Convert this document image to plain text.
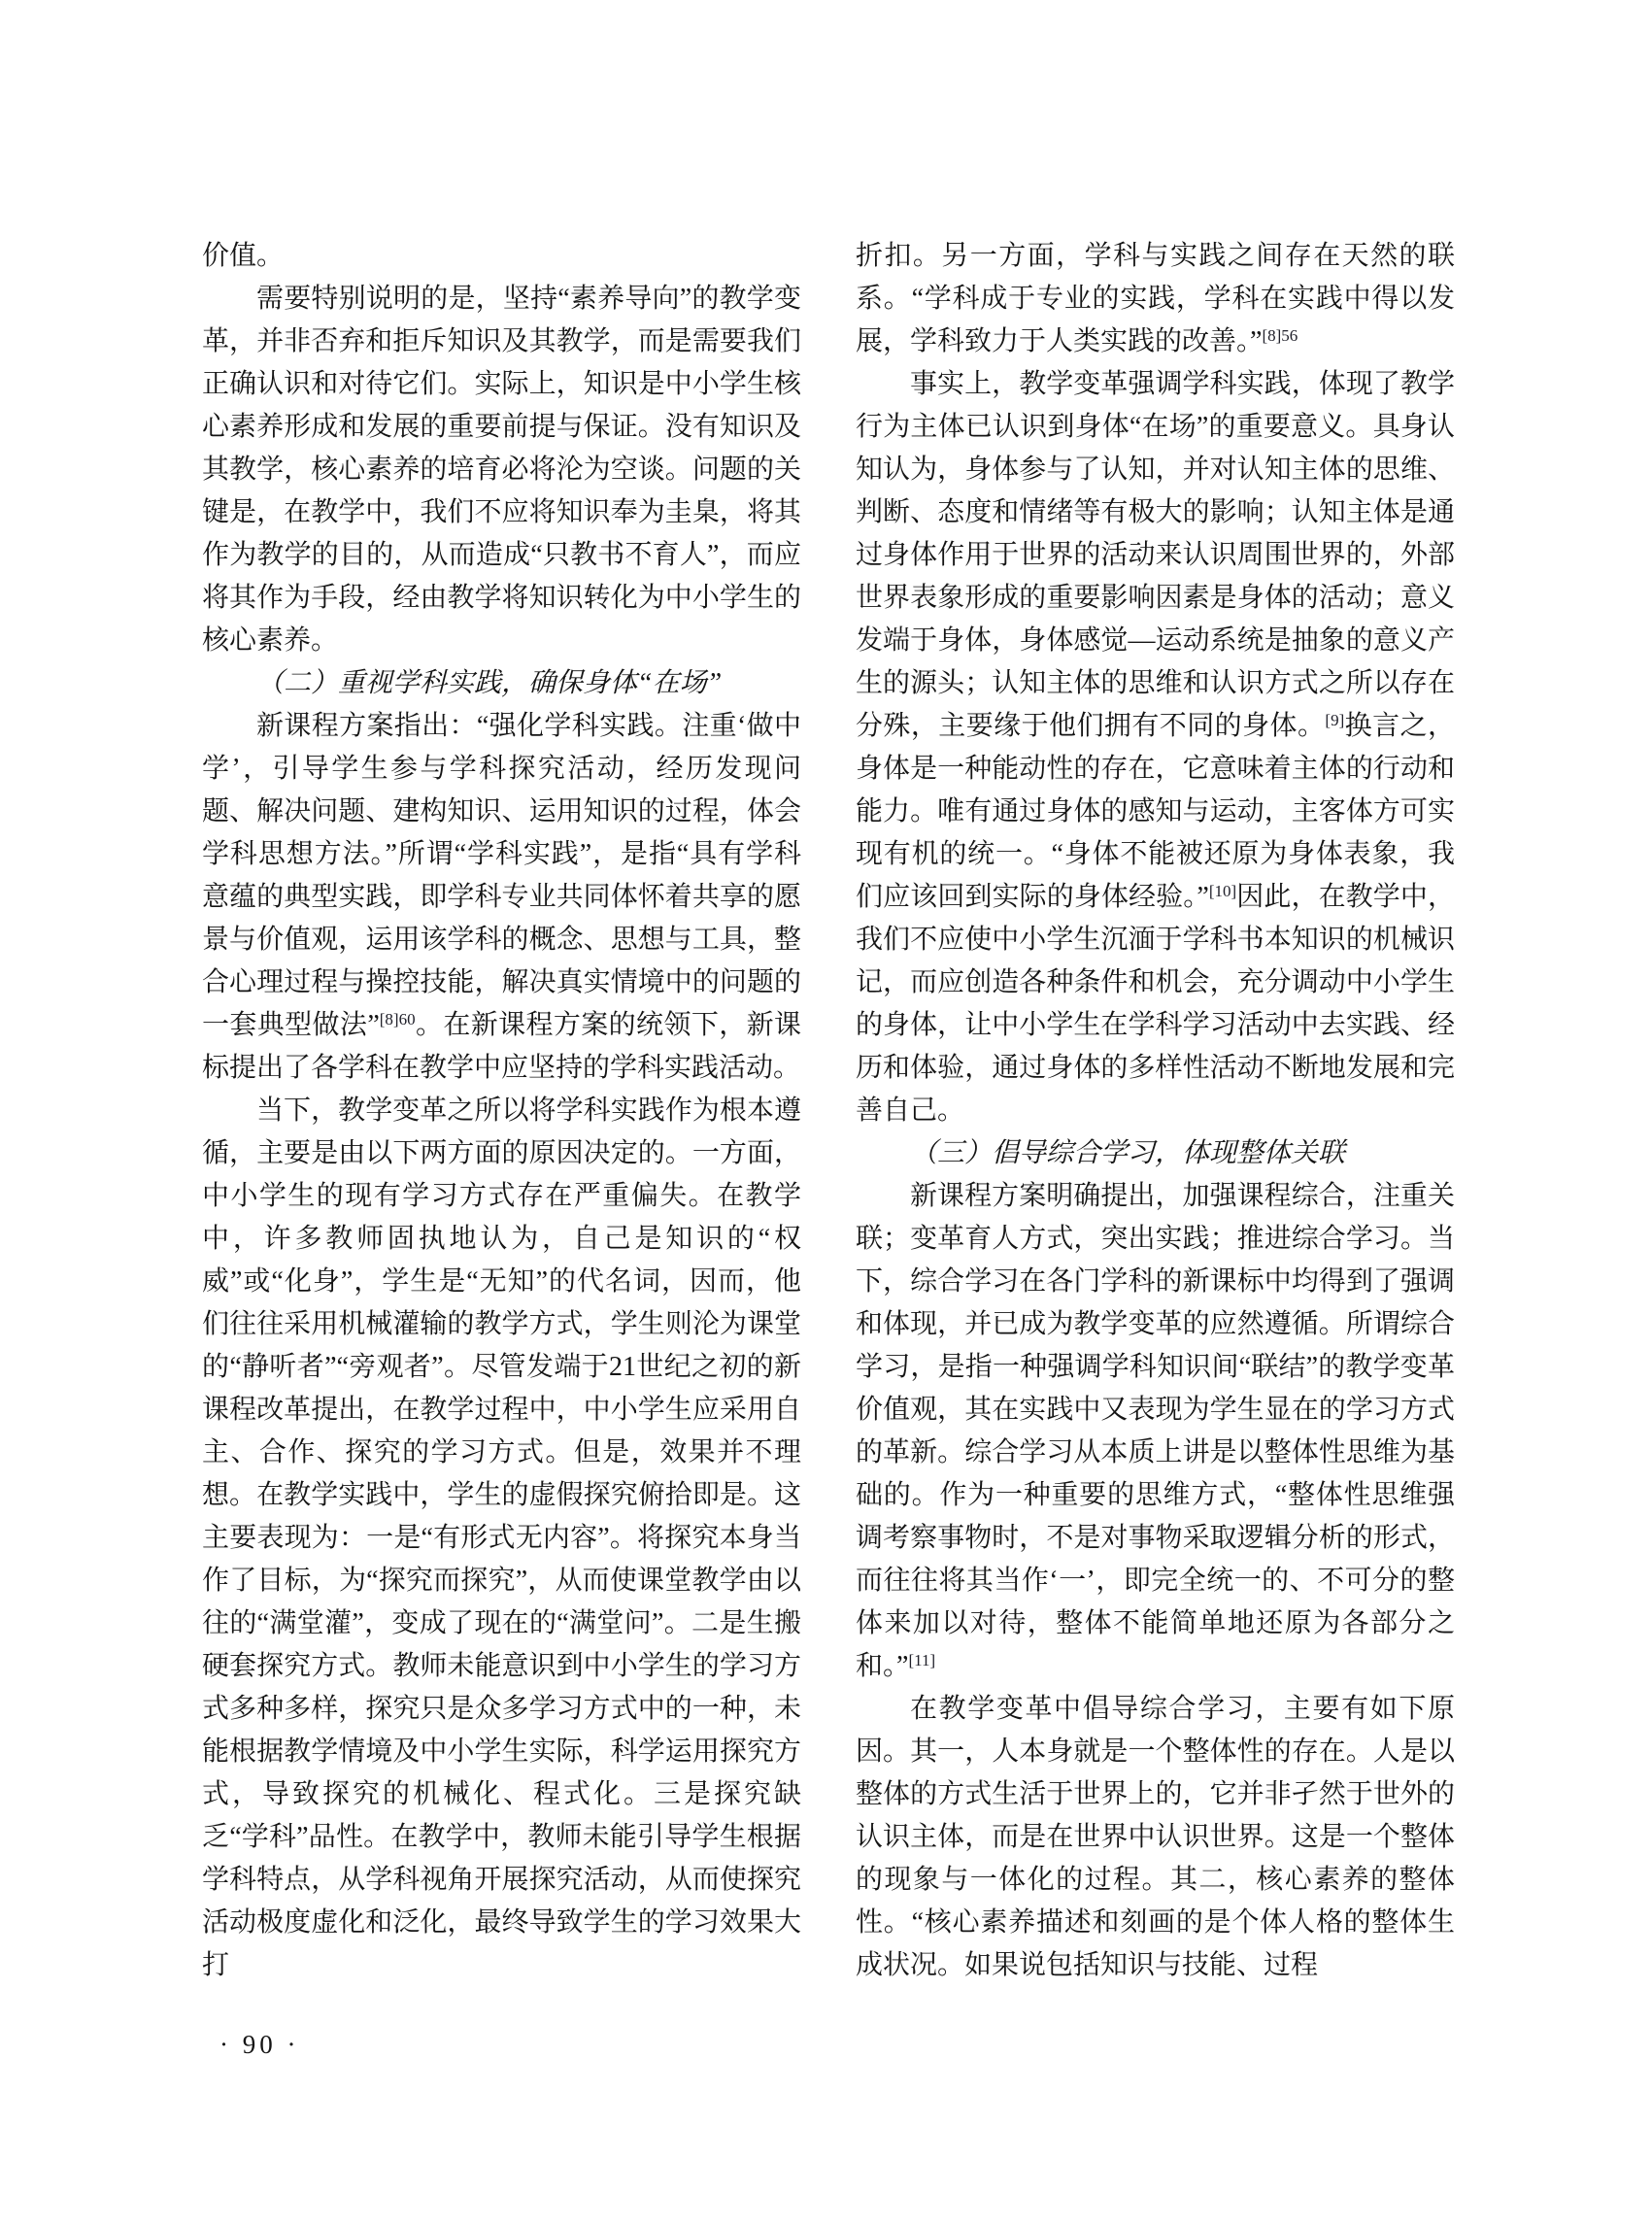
价值。

需要特别说明的是，坚持“素养导向”的教学变革，并非否弃和拒斥知识及其教学，而是需要我们正确认识和对待它们。实际上，知识是中小学生核心素养形成和发展的重要前提与保证。没有知识及其教学，核心素养的培育必将沦为空谈。问题的关键是，在教学中，我们不应将知识奉为圭臬，将其作为教学的目的，从而造成“只教书不育人”，而应将其作为手段，经由教学将知识转化为中小学生的核心素养。

（二）重视学科实践，确保身体“在场”

新课程方案指出：“强化学科实践。注重‘做中学’，引导学生参与学科探究活动，经历发现问题、解决问题、建构知识、运用知识的过程，体会学科思想方法。”所谓“学科实践”，是指“具有学科意蕴的典型实践，即学科专业共同体怀着共享的愿景与价值观，运用该学科的概念、思想与工具，整合心理过程与操控技能，解决真实情境中的问题的一套典型做法”$^{[8]60}$。在新课程方案的统领下，新课标提出了各学科在教学中应坚持的学科实践活动。

当下，教学变革之所以将学科实践作为根本遵循，主要是由以下两方面的原因决定的。一方面，中小学生的现有学习方式存在严重偏失。在教学中，许多教师固执地认为，自己是知识的“权威”或“化身”，学生是“无知”的代名词，因而，他们往往采用机械灌输的教学方式，学生则沦为课堂的“静听者”“旁观者”。尽管发端于21世纪之初的新课程改革提出，在教学过程中，中小学生应采用自主、合作、探究的学习方式。但是，效果并不理想。在教学实践中，学生的虚假探究俯拾即是。这主要表现为：一是“有形式无内容”。将探究本身当作了目标，为“探究而探究”，从而使课堂教学由以往的“满堂灌”，变成了现在的“满堂问”。二是生搬硬套探究方式。教师未能意识到中小学生的学习方式多种多样，探究只是众多学习方式中的一种，未能根据教学情境及中小学生实际，科学运用探究方式，导致探究的机械化、程式化。三是探究缺乏“学科”品性。在教学中，教师未能引导学生根据学科特点，从学科视角开展探究活动，从而使探究活动极度虚化和泛化，最终导致学生的学习效果大打

折扣。另一方面，学科与实践之间存在天然的联系。“学科成于专业的实践，学科在实践中得以发展，学科致力于人类实践的改善。”$^{[8]56}$

事实上，教学变革强调学科实践，体现了教学行为主体已认识到身体“在场”的重要意义。具身认知认为，身体参与了认知，并对认知主体的思维、判断、态度和情绪等有极大的影响；认知主体是通过身体作用于世界的活动来认识周围世界的，外部世界表象形成的重要影响因素是身体的活动；意义发端于身体，身体感觉—运动系统是抽象的意义产生的源头；认知主体的思维和认识方式之所以存在分殊，主要缘于他们拥有不同的身体。[9]换言之，身体是一种能动性的存在，它意味着主体的行动和能力。唯有通过身体的感知与运动，主客体方可实现有机的统一。“身体不能被还原为身体表象，我们应该回到实际的身体经验。”[10]因此，在教学中，我们不应使中小学生沉湎于学科书本知识的机械识记，而应创造各种条件和机会，充分调动中小学生的身体，让中小学生在学科学习活动中去实践、经历和体验，通过身体的多样性活动不断地发展和完善自己。

（三）倡导综合学习，体现整体关联

新课程方案明确提出，加强课程综合，注重关联；变革育人方式，突出实践；推进综合学习。当下，综合学习在各门学科的新课标中均得到了强调和体现，并已成为教学变革的应然遵循。所谓综合学习，是指一种强调学科知识间“联结”的教学变革价值观，其在实践中又表现为学生显在的学习方式的革新。综合学习从本质上讲是以整体性思维为基础的。作为一种重要的思维方式，“整体性思维强调考察事物时，不是对事物采取逻辑分析的形式，而往往将其当作‘一’，即完全统一的、不可分的整体来加以对待，整体不能简单地还原为各部分之和。”[11]

在教学变革中倡导综合学习，主要有如下原因。其一，人本身就是一个整体性的存在。人是以整体的方式生活于世界上的，它并非孑然于世外的认识主体，而是在世界中认识世界。这是一个整体的现象与一体化的过程。其二，核心素养的整体性。“核心素养描述和刻画的是个体人格的整体生成状况。如果说包括知识与技能、过程

· 90 ·
